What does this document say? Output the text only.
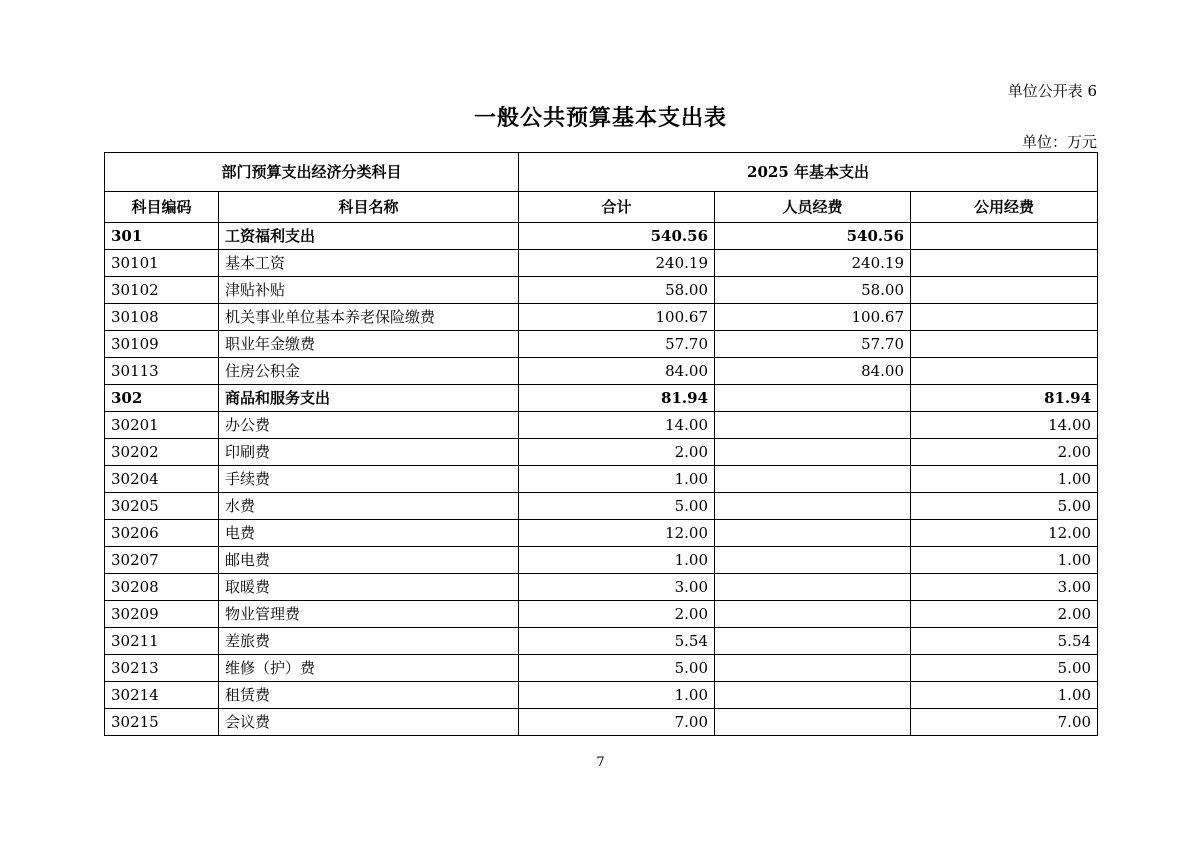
单位公开表 6
一般公共预算基本支出表
单位：万元
部门预算支出经济分类科目		2025 年基本支出		
科目编码	科目名称	合计	人员经费	公用经费
301	工资福利支出	540.56	540.56	
30101	基本工资	240.19	240.19	
30102	津贴补贴	58.00	58.00	
30108	机关事业单位基本养老保险缴费	100.67	100.67	
30109	职业年金缴费	57.70	57.70	
30113	住房公积金	84.00	84.00	
302	商品和服务支出	81.94		81.94
30201	办公费	14.00		14.00
30202	印刷费	2.00		2.00
30204	手续费	1.00		1.00
30205	水费	5.00		5.00
30206	电费	12.00		12.00
30207	邮电费	1.00		1.00
30208	取暖费	3.00		3.00
30209	物业管理费	2.00		2.00
30211	差旅费	5.54		5.54
30213	维修（护）费	5.00		5.00
30214	租赁费	1.00		1.00
30215	会议费	7.00		7.00
7
